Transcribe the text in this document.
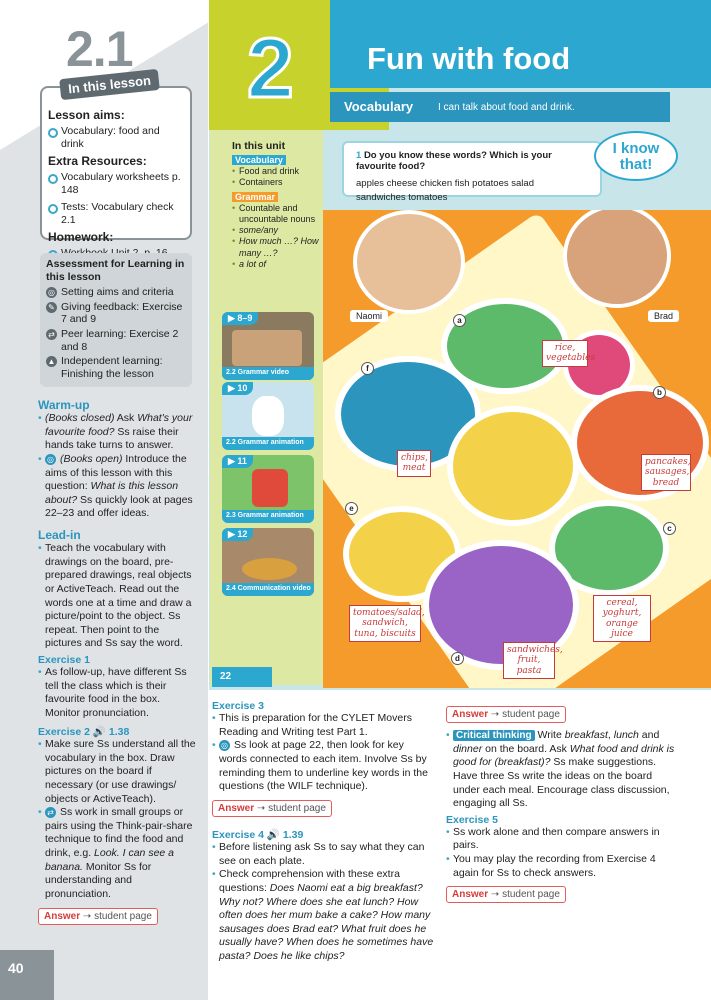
2.1
Lesson aims:
Vocabulary: food and drink
Extra Resources:
Vocabulary worksheets p. 148
Tests: Vocabulary check 2.1
Homework:
In this lesson
Assessment for Learning in this lesson
◎ Setting aims and criteria
✎ Giving feedback: Exercise 7 and 9
⇄ Peer learning: Exercise 2 and 8
▲ Independent learning: Finishing the lesson
Warm-up
• (Books closed) Ask What's your favourite food? Ss raise their hands take turns to answer.
• ◎ (Books open) Introduce the aims of this lesson with this question: What is this lesson about? Ss quickly look at pages 22–23 and offer ideas.
Lead-in
• Teach the vocabulary with drawings on the board, pre-prepared drawings, real objects or ActiveTeach. Read out the words one at a time and draw a picture/point to the object. Ss repeat. Then point to the pictures and Ss say the word.
Exercise 1
• As follow-up, have different Ss tell the class which is their favourite food in the box. Monitor pronunciation.
Exercise 2 🔊 1.38
• Make sure Ss understand all the vocabulary in the box. Draw pictures on the board if necessary (or use drawings/ objects or ActiveTeach).
• ⇄ Ss work in small groups or pairs using the Think-pair-share technique to find the food and drink, e.g. Look. I can see a banana. Monitor Ss for understanding and pronunciation.
Answer ➝ student page
40
2 Fun with food
Vocabulary I can talk about food and drink.
In this unit
Vocabulary
• Food and drink
• Containers
Grammar
• Countable and uncountable nouns
• some/any
• How much …? How many …?
• a lot of
▶ 8–9
2.2 Grammar video
▶ 10
2.2 Grammar animation
▶ 11
2.3 Grammar animation
▶ 12
2.4 Communication video
1 Do you know these words? Which is your favourite food?
apples cheese chicken fish potatoes salad
sandwiches tomatoes
I know
that!
rice, vegetables
pancakes, sausages, bread
cereal, yoghurt, orange juice
sandwiches, fruit, pasta
tomatoes/salad, sandwich, tuna, biscuits
chips, meat
a
b
c
d
e
f
Naomi	Brad
22
Exercise 3
• This is preparation for the CYLET Movers Reading and Writing test Part 1.
• ◎ Ss look at page 22, then look for key words connected to each item. Involve Ss by reminding them to underline key words in the questions (the WILF technique).
Answer ➝ student page
Exercise 4 🔊 1.39
• Before listening ask Ss to say what they can see on each plate.
• Check comprehension with these extra questions: Does Naomi eat a big breakfast? Why not? Where does she eat lunch? How often does her mum bake a cake? How many sausages does Brad eat? What fruit does he usually have? When does he sometimes have pasta? Does he like chips?
Answer ➝ student page
• Critical thinking Write breakfast, lunch and dinner on the board. Ask What food and drink is good for (breakfast)? Ss make suggestions. Have three Ss write the ideas on the board under each meal. Encourage class discussion, engaging all Ss.
Exercise 5
• Ss work alone and then compare answers in pairs.
• You may play the recording from Exercise 4 again for Ss to check answers.
Answer ➝ student page
